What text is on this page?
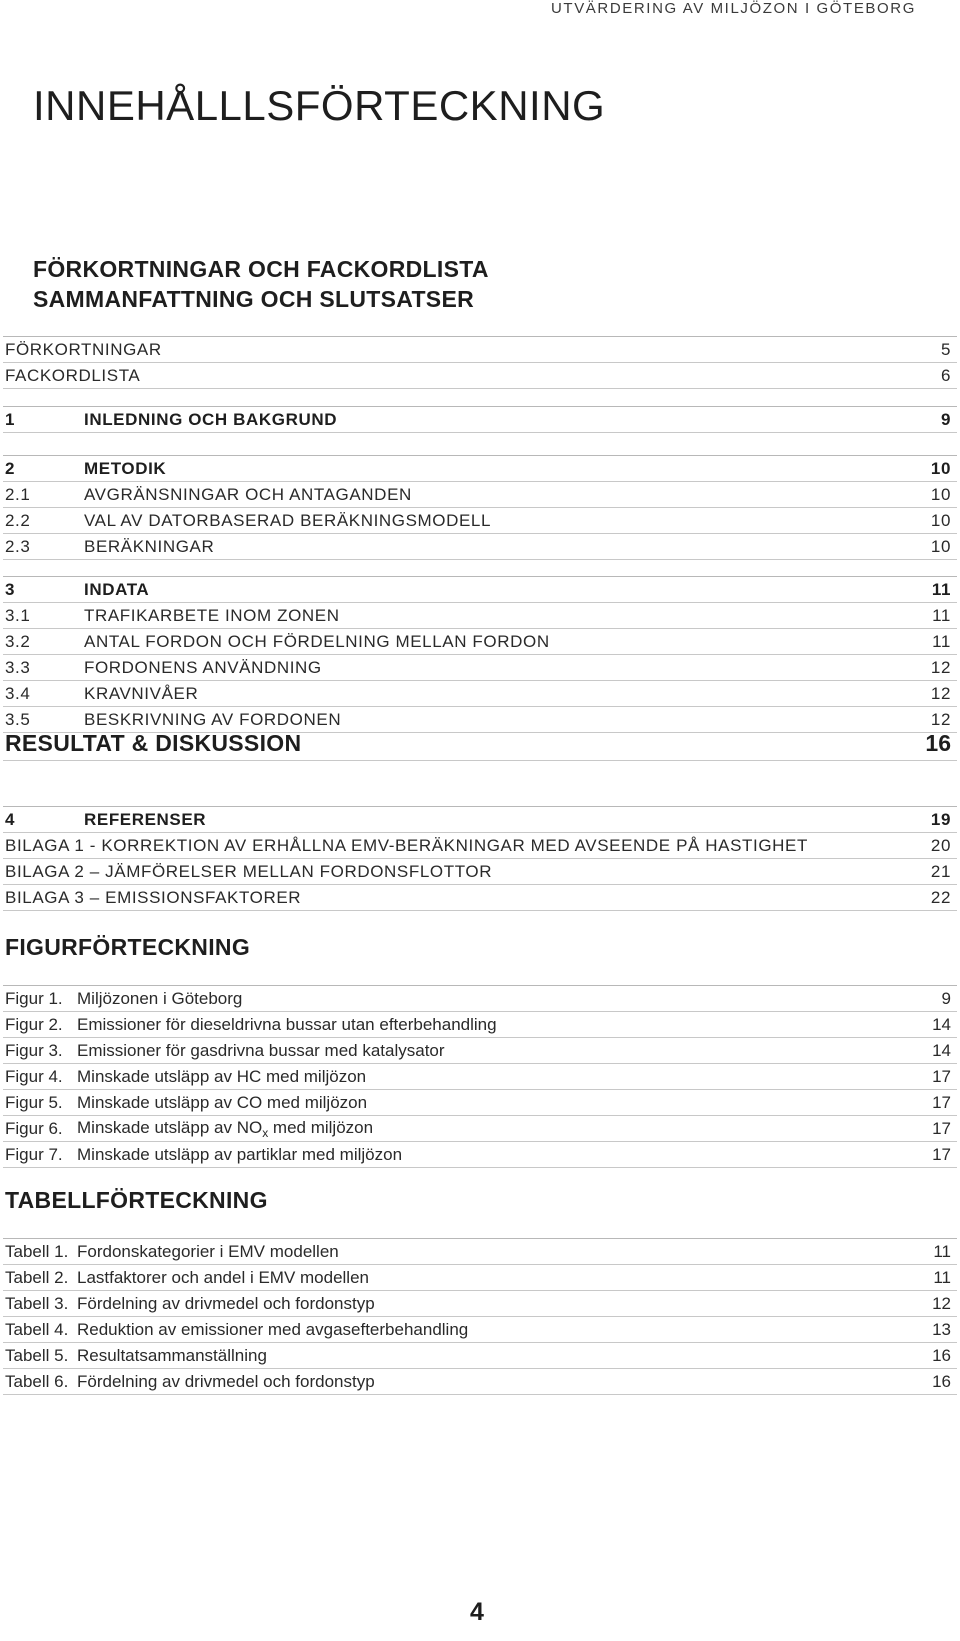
UTVÄRDERING AV MILJÖZON I GÖTEBORG
INNEHÅLLLSFÖRTECKNING
FÖRKORTNINGAR OCH FACKORDLISTA
SAMMANFATTNING OCH SLUTSATSER
FÖRKORTNINGAR	5
FACKORDLISTA	6
1	INLEDNING OCH BAKGRUND	9
2	METODIK	10
2.1	AVGRÄNSNINGAR OCH ANTAGANDEN	10
2.2	VAL AV DATORBASERAD BERÄKNINGSMODELL	10
2.3	BERÄKNINGAR	10
3	INDATA	11
3.1	TRAFIKARBETE INOM ZONEN	11
3.2	ANTAL FORDON OCH FÖRDELNING MELLAN FORDON	11
3.3	FORDONENS ANVÄNDNING	12
3.4	KRAVNIVÅER	12
3.5	BESKRIVNING AV FORDONEN	12
RESULTAT & DISKUSSION	16
4	REFERENSER	19
BILAGA 1 - KORREKTION AV ERHÅLLNA EMV-BERÄKNINGAR MED AVSEENDE PÅ HASTIGHET	20
BILAGA 2 – JÄMFÖRELSER MELLAN FORDONSFLOTTOR	21
BILAGA 3 – EMISSIONSFAKTORER	22
FIGURFÖRTECKNING
Figur 1. Miljözonen i Göteborg	9
Figur 2. Emissioner för dieseldrivna bussar utan efterbehandling	14
Figur 3. Emissioner för gasdrivna bussar med katalysator	14
Figur 4. Minskade utsläpp av HC med miljözon	17
Figur 5. Minskade utsläpp av CO med miljözon	17
Figur 6. Minskade utsläpp av $NO_x$ med miljözon	17
Figur 7. Minskade utsläpp av partiklar med miljözon	17
TABELLFÖRTECKNING
Tabell 1. Fordonskategorier i EMV modellen	11
Tabell 2. Lastfaktorer och andel i EMV modellen	11
Tabell 3. Fördelning av drivmedel och fordonstyp	12
Tabell 4. Reduktion av emissioner med avgasefterbehandling	13
Tabell 5. Resultatsammanställning	16
Tabell 6. Fördelning av drivmedel och fordonstyp	16
4
